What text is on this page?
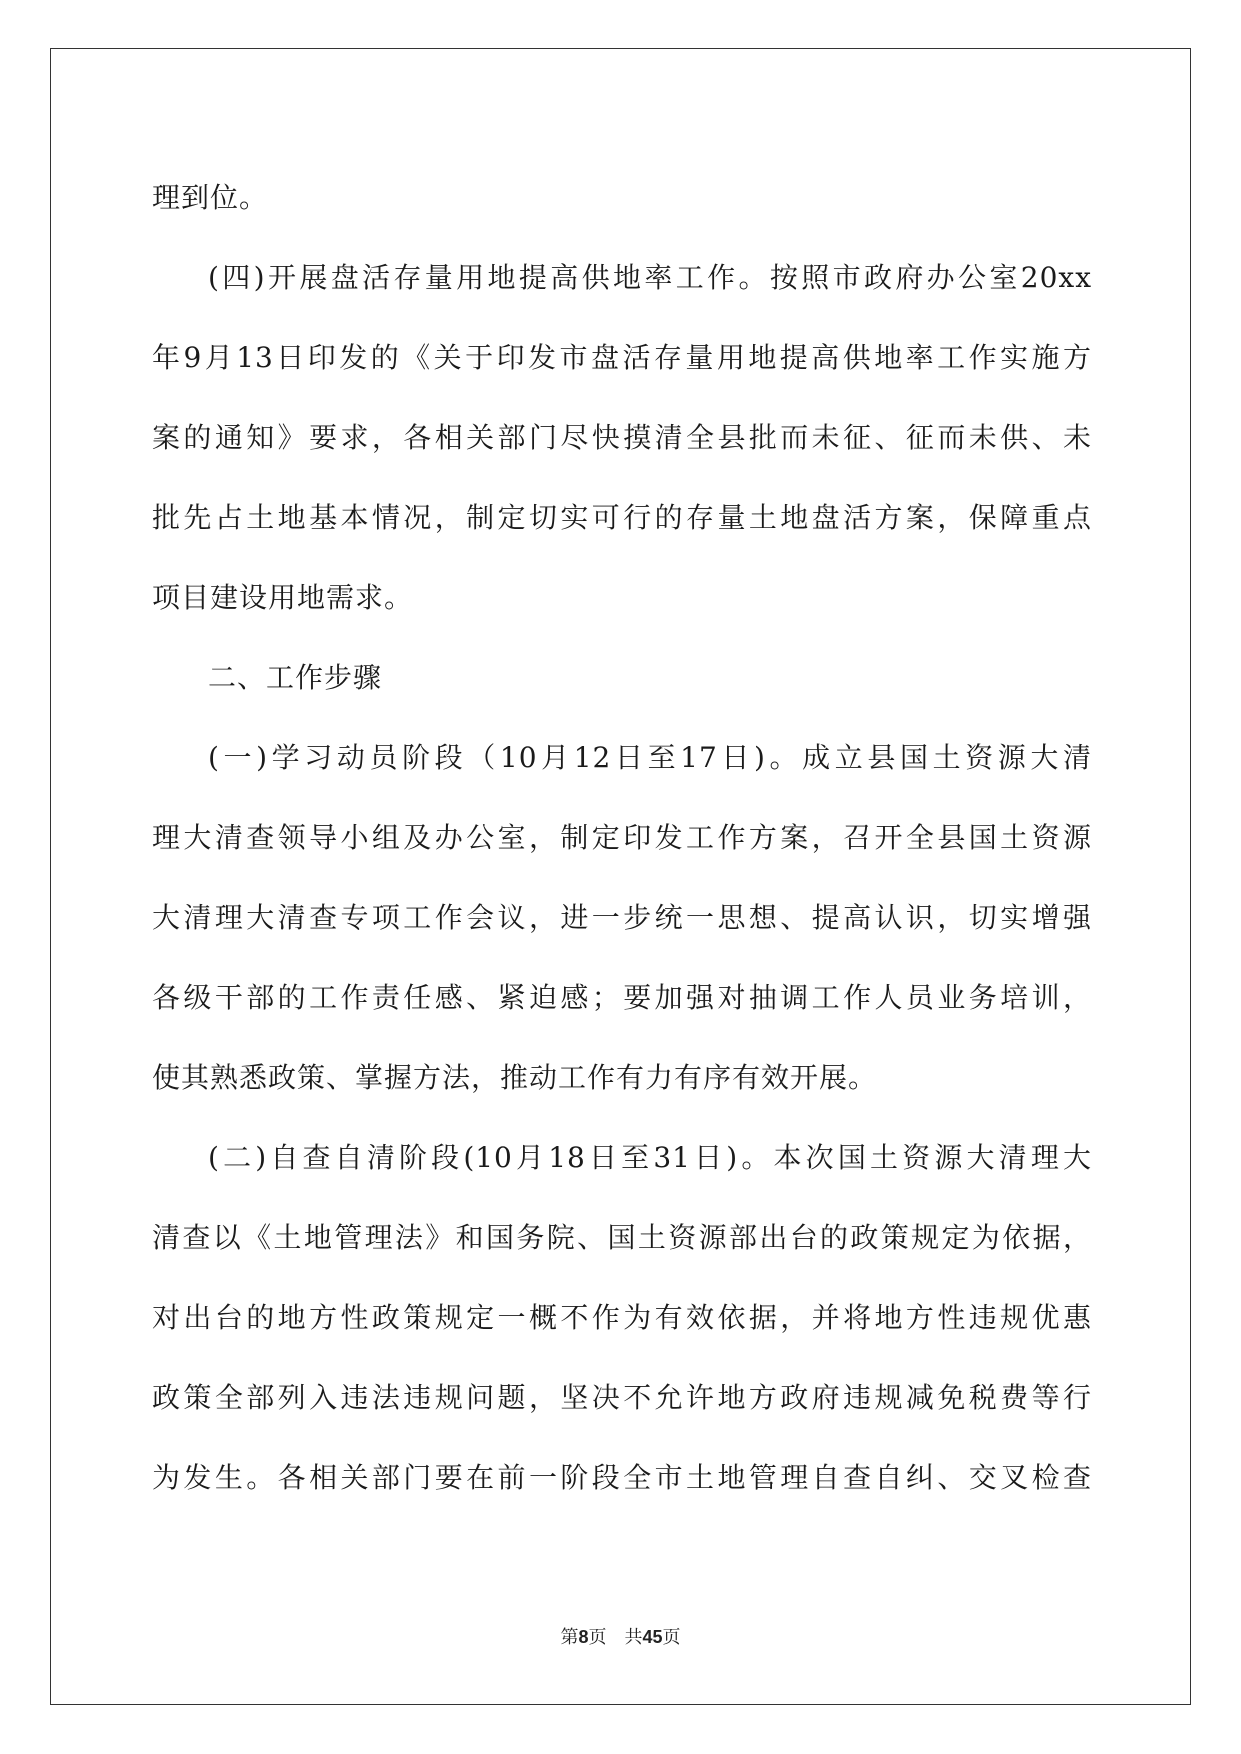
理到位。
(四)开展盘活存量用地提高供地率工作。按照市政府办公室20xx
年9月13日印发的《关于印发市盘活存量用地提高供地率工作实施方
案的通知》要求，各相关部门尽快摸清全县批而未征、征而未供、未
批先占土地基本情况，制定切实可行的存量土地盘活方案，保障重点
项目建设用地需求。
二、工作步骤
(一)学习动员阶段（10月12日至17日)。成立县国土资源大清
理大清查领导小组及办公室，制定印发工作方案，召开全县国土资源
大清理大清查专项工作会议，进一步统一思想、提高认识，切实增强
各级干部的工作责任感、紧迫感；要加强对抽调工作人员业务培训，
使其熟悉政策、掌握方法，推动工作有力有序有效开展。
(二)自查自清阶段(10月18日至31日)。本次国土资源大清理大
清查以《土地管理法》和国务院、国土资源部出台的政策规定为依据，
对出台的地方性政策规定一概不作为有效依据，并将地方性违规优惠
政策全部列入违法违规问题，坚决不允许地方政府违规减免税费等行
为发生。各相关部门要在前一阶段全市土地管理自查自纠、交叉检查
第8页 共45页
